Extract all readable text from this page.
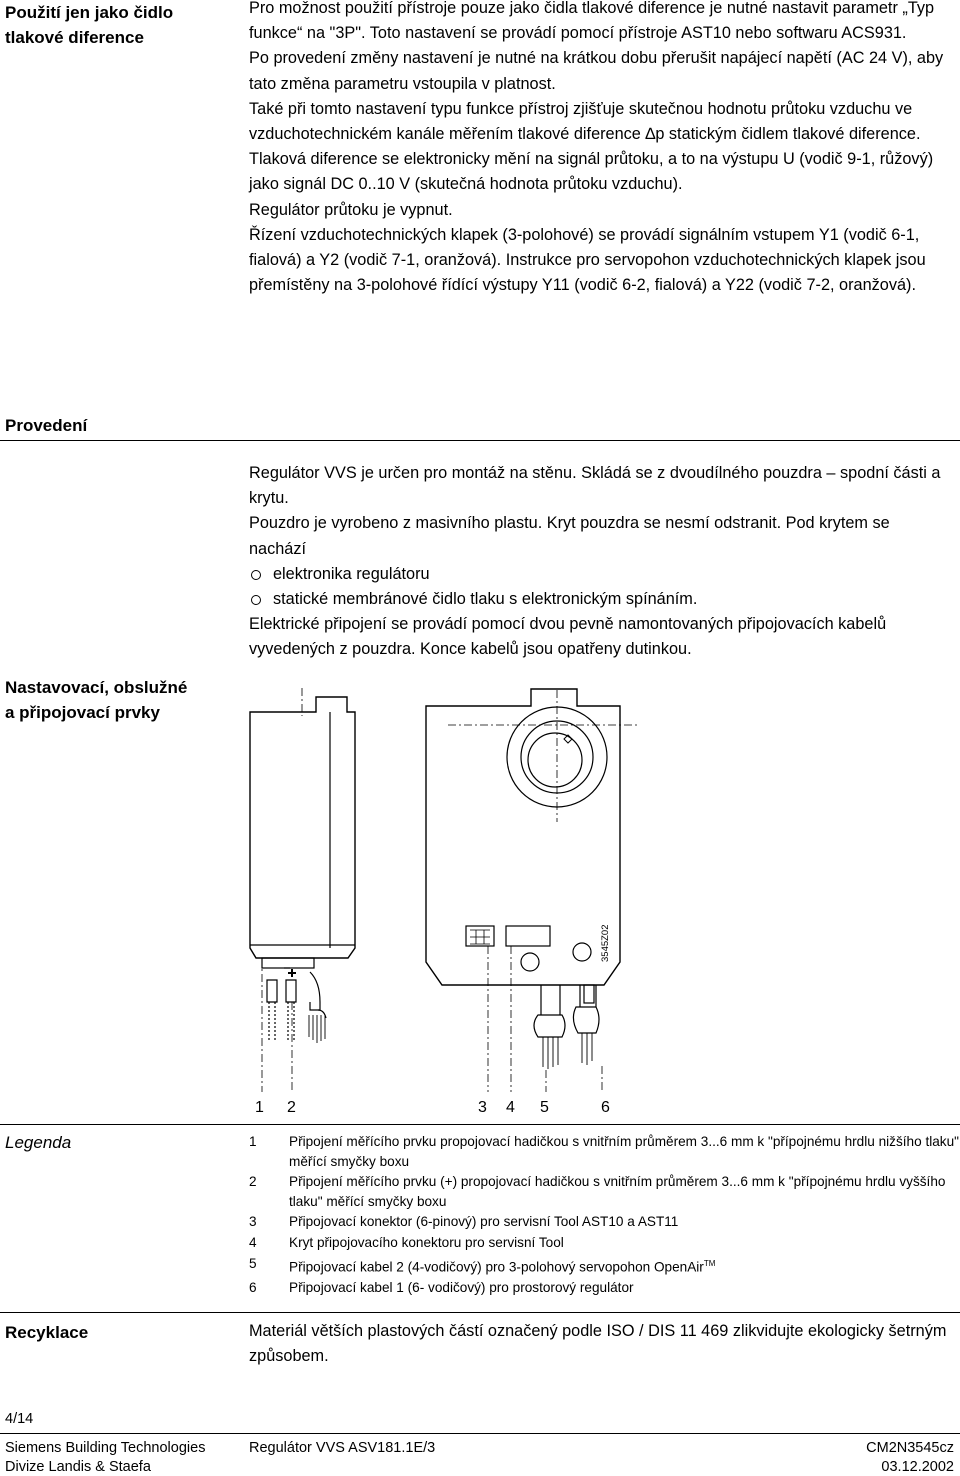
Použití jen jako čidlo
tlakové diference

Pro možnost použití přístroje pouze jako čidla tlakové diference je nutné nastavit parametr „Typ funkce“ na "3P". Toto nastavení se provádí pomocí přístroje AST10 nebo softwaru ACS931.

Po provedení změny nastavení je nutné na krátkou dobu přerušit napájecí napětí (AC 24 V), aby tato změna parametru vstoupila v platnost.

Také při tomto nastavení typu funkce přístroj zjišťuje skutečnou hodnotu průtoku vzduchu ve vzduchotechnickém kanále měřením tlakové diference ∆p statickým čidlem tlakové diference. Tlaková diference se elektronicky mění na signál průtoku, a to na výstupu U (vodič 9-1, růžový) jako signál DC 0..10 V (skutečná hodnota průtoku vzduchu).

Regulátor průtoku je vypnut.

Řízení vzduchotechnických klapek (3-polohové) se provádí signálním vstupem Y1 (vodič 6-1, fialová) a Y2 (vodič 7-1, oranžová). Instrukce pro servopohon vzduchotechnických klapek jsou přemístěny na 3-polohové řídící výstupy Y11 (vodič 6-2, fialová) a Y22 (vodič 7-2, oranžová).

Provedení

Regulátor VVS je určen pro montáž na stěnu. Skládá se z dvoudílného pouzdra – spodní části a krytu.

Pouzdro je vyrobeno z masivního plastu. Kryt pouzdra se nesmí odstranit. Pod krytem se nachází

elektronika regulátoru
statické membránové čidlo tlaku s elektronickým spínáním.

Elektrické připojení se provádí pomocí dvou pevně namontovaných připojovacích kabelů vyvedených z pouzdra. Konce kabelů jsou opatřeny dutinkou.

Nastavovací, obslužné
a připojovací prvky
3545Z02
1 2	3 4 5	6
Legenda	1	Připojení měřícího prvku propojovací hadičkou s vnitřním průměrem 3...6 mm k "přípojnému hrdlu nižšího tlaku" měřící smyčky boxu
2	Připojení měřícího prvku (+) propojovací hadičkou s vnitřním průměrem 3...6 mm k "přípojnému hrdlu vyššího tlaku" měřící smyčky boxu
3	Připojovací konektor (6-pinový) pro servisní Tool AST10 a AST11
4	Kryt připojovacího konektoru pro servisní Tool
5	Připojovací kabel 2 (4-vodičový) pro 3-polohový servopohon OpenAir™
6	Připojovací kabel 1 (6- vodičový) pro prostorový regulátor
Recyklace	Materiál větších plastových částí označený podle ISO / DIS 11 469 zlikvidujte ekologicky šetrným způsobem.
4/14
Siemens Building Technologies
Divize Landis & Staefa
Regulátor VVS ASV181.1E/3	CM2N3545cz
03.12.2002
